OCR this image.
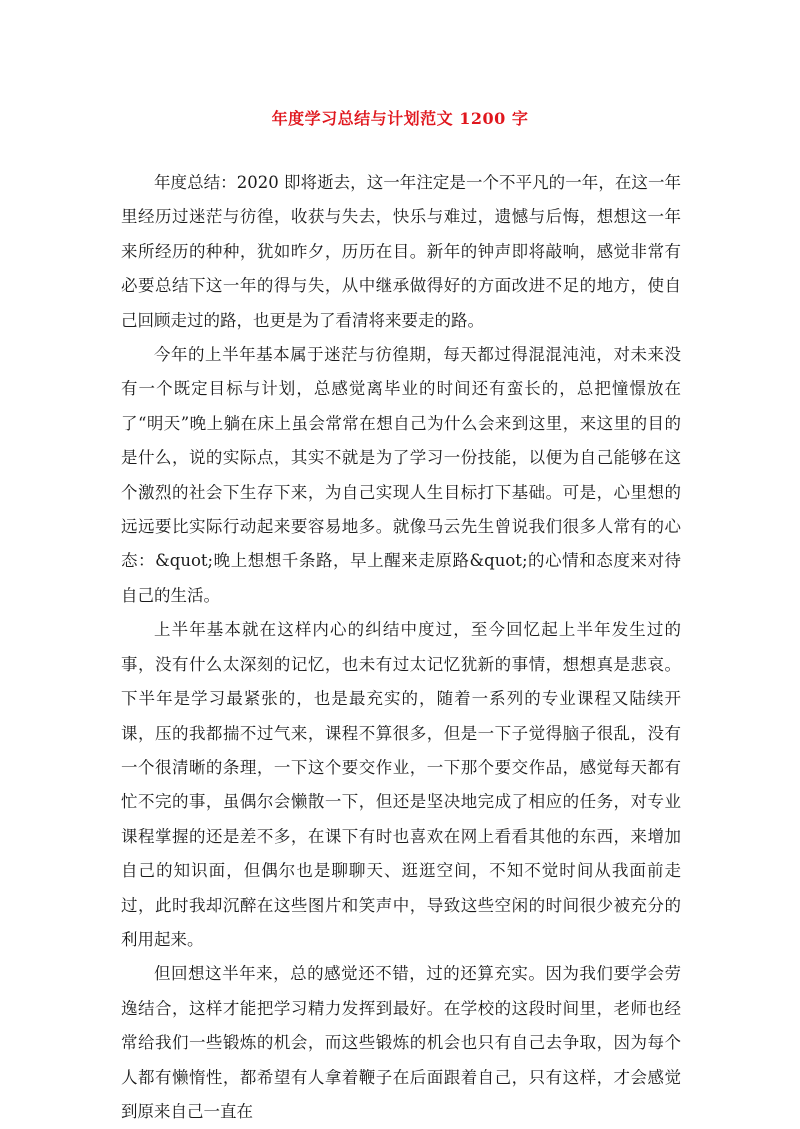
年度学习总结与计划范文 1200 字

年度总结：2020 即将逝去，这一年注定是一个不平凡的一年，在这一年里经历过迷茫与彷徨，收获与失去，快乐与难过，遗憾与后悔，想想这一年来所经历的种种，犹如昨夕，历历在目。新年的钟声即将敲响，感觉非常有必要总结下这一年的得与失，从中继承做得好的方面改进不足的地方，使自己回顾走过的路，也更是为了看清将来要走的路。

今年的上半年基本属于迷茫与彷徨期，每天都过得混混沌沌，对未来没有一个既定目标与计划，总感觉离毕业的时间还有蛮长的，总把憧憬放在了“明天”晚上躺在床上虽会常常在想自己为什么会来到这里，来这里的目的是什么，说的实际点，其实不就是为了学习一份技能，以便为自己能够在这个激烈的社会下生存下来，为自己实现人生目标打下基础。可是，心里想的远远要比实际行动起来要容易地多。就像马云先生曾说我们很多人常有的心态：&quot;晚上想想千条路，早上醒来走原路&quot;的心情和态度来对待自己的生活。

上半年基本就在这样内心的纠结中度过，至今回忆起上半年发生过的事，没有什么太深刻的记忆，也未有过太记忆犹新的事情，想想真是悲哀。下半年是学习最紧张的，也是最充实的，随着一系列的专业课程又陆续开课，压的我都揣不过气来，课程不算很多，但是一下子觉得脑子很乱，没有一个很清晰的条理，一下这个要交作业，一下那个要交作品，感觉每天都有忙不完的事，虽偶尔会懒散一下，但还是坚决地完成了相应的任务，对专业课程掌握的还是差不多，在课下有时也喜欢在网上看看其他的东西，来增加自己的知识面，但偶尔也是聊聊天、逛逛空间，不知不觉时间从我面前走过，此时我却沉醉在这些图片和笑声中，导致这些空闲的时间很少被充分的利用起来。

但回想这半年来，总的感觉还不错，过的还算充实。因为我们要学会劳逸结合，这样才能把学习精力发挥到最好。在学校的这段时间里，老师也经常给我们一些锻炼的机会，而这些锻炼的机会也只有自己去争取，因为每个人都有懒惰性，都希望有人拿着鞭子在后面跟着自己，只有这样，才会感觉到原来自己一直在
